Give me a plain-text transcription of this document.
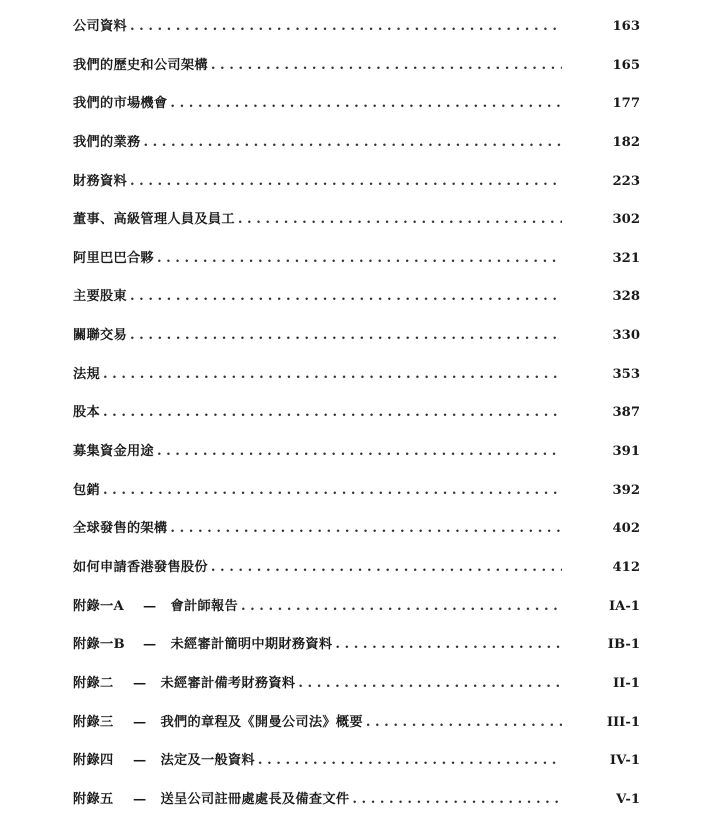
公司資料 . . .	163
我們的歷史和公司架構 . . .	165
我們的市場機會 . . .	177
我們的業務 . . .	182
財務資料 . . .	223
董事、高級管理人員及員工 . . .	302
阿里巴巴合夥 . . .	321
主要股東 . . .	328
關聯交易 . . .	330
法規 . . .	353
股本 . . .	387
募集資金用途 . . .	391
包銷 . . .	392
全球發售的架構 . . .	402
如何申請香港發售股份 . . .	412
附錄一A — 會計師報告 . . .	IA-1
附錄一B — 未經審計簡明中期財務資料 . . .	IB-1
附錄二 — 未經審計備考財務資料 . . .	II-1
附錄三 — 我們的章程及《開曼公司法》概要 . . .	III-1
附錄四 — 法定及一般資料 . . .	IV-1
附錄五 — 送呈公司註冊處處長及備查文件 . . .	V-1
